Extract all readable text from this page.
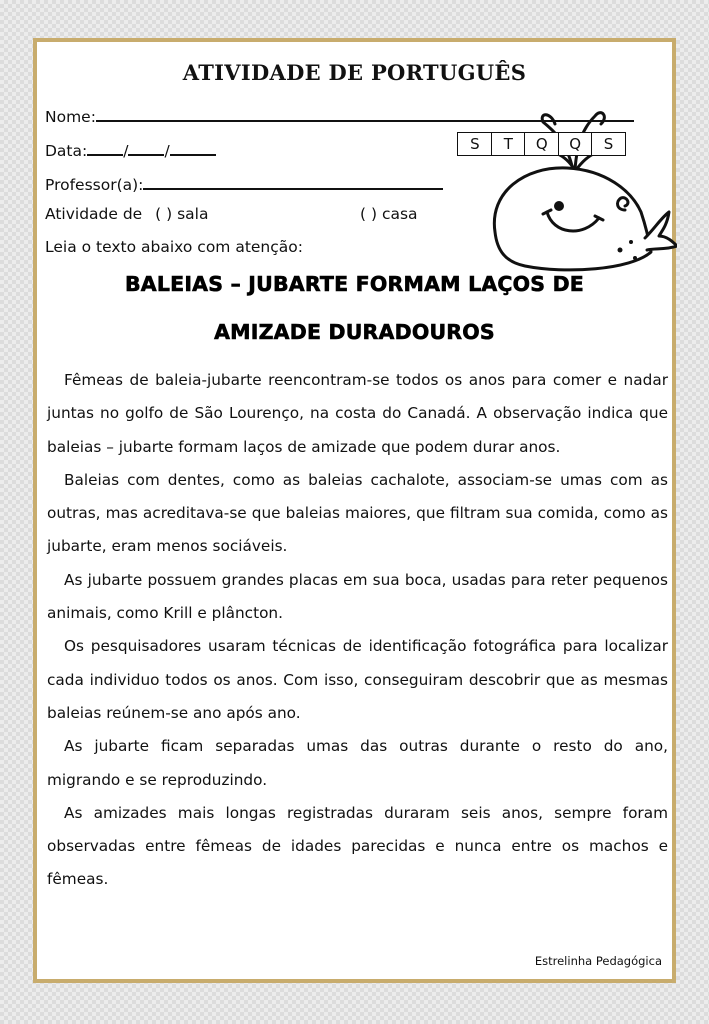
ATIVIDADE DE PORTUGUÊS
Nome:
Data: / /	S	T	Q	Q	S
Professor(a):
Atividade de ( ) sala	( ) casa
Leia o texto abaixo com atenção:
BALEIAS – JUBARTE FORMAM LAÇOS DE
AMIZADE DURADOUROS

Fêmeas de baleia-jubarte reencontram-se todos os anos para comer e nadar juntas no golfo de São Lourenço, na costa do Canadá. A observação indica que baleias – jubarte formam laços de amizade que podem durar anos.

Baleias com dentes, como as baleias cachalote, associam-se umas com as outras, mas acreditava-se que baleias maiores, que filtram sua comida, como as jubarte, eram menos sociáveis.

As jubarte possuem grandes placas em sua boca, usadas para reter pequenos animais, como Krill e plâncton.

Os pesquisadores usaram técnicas de identificação fotográfica para localizar cada individuo todos os anos. Com isso, conseguiram descobrir que as mesmas baleias reúnem-se ano após ano.

As jubarte ficam separadas umas das outras durante o resto do ano, migrando e se reproduzindo.

As amizades mais longas registradas duraram seis anos, sempre foram observadas entre fêmeas de idades parecidas e nunca entre os machos e fêmeas.

Estrelinha Pedagógica
